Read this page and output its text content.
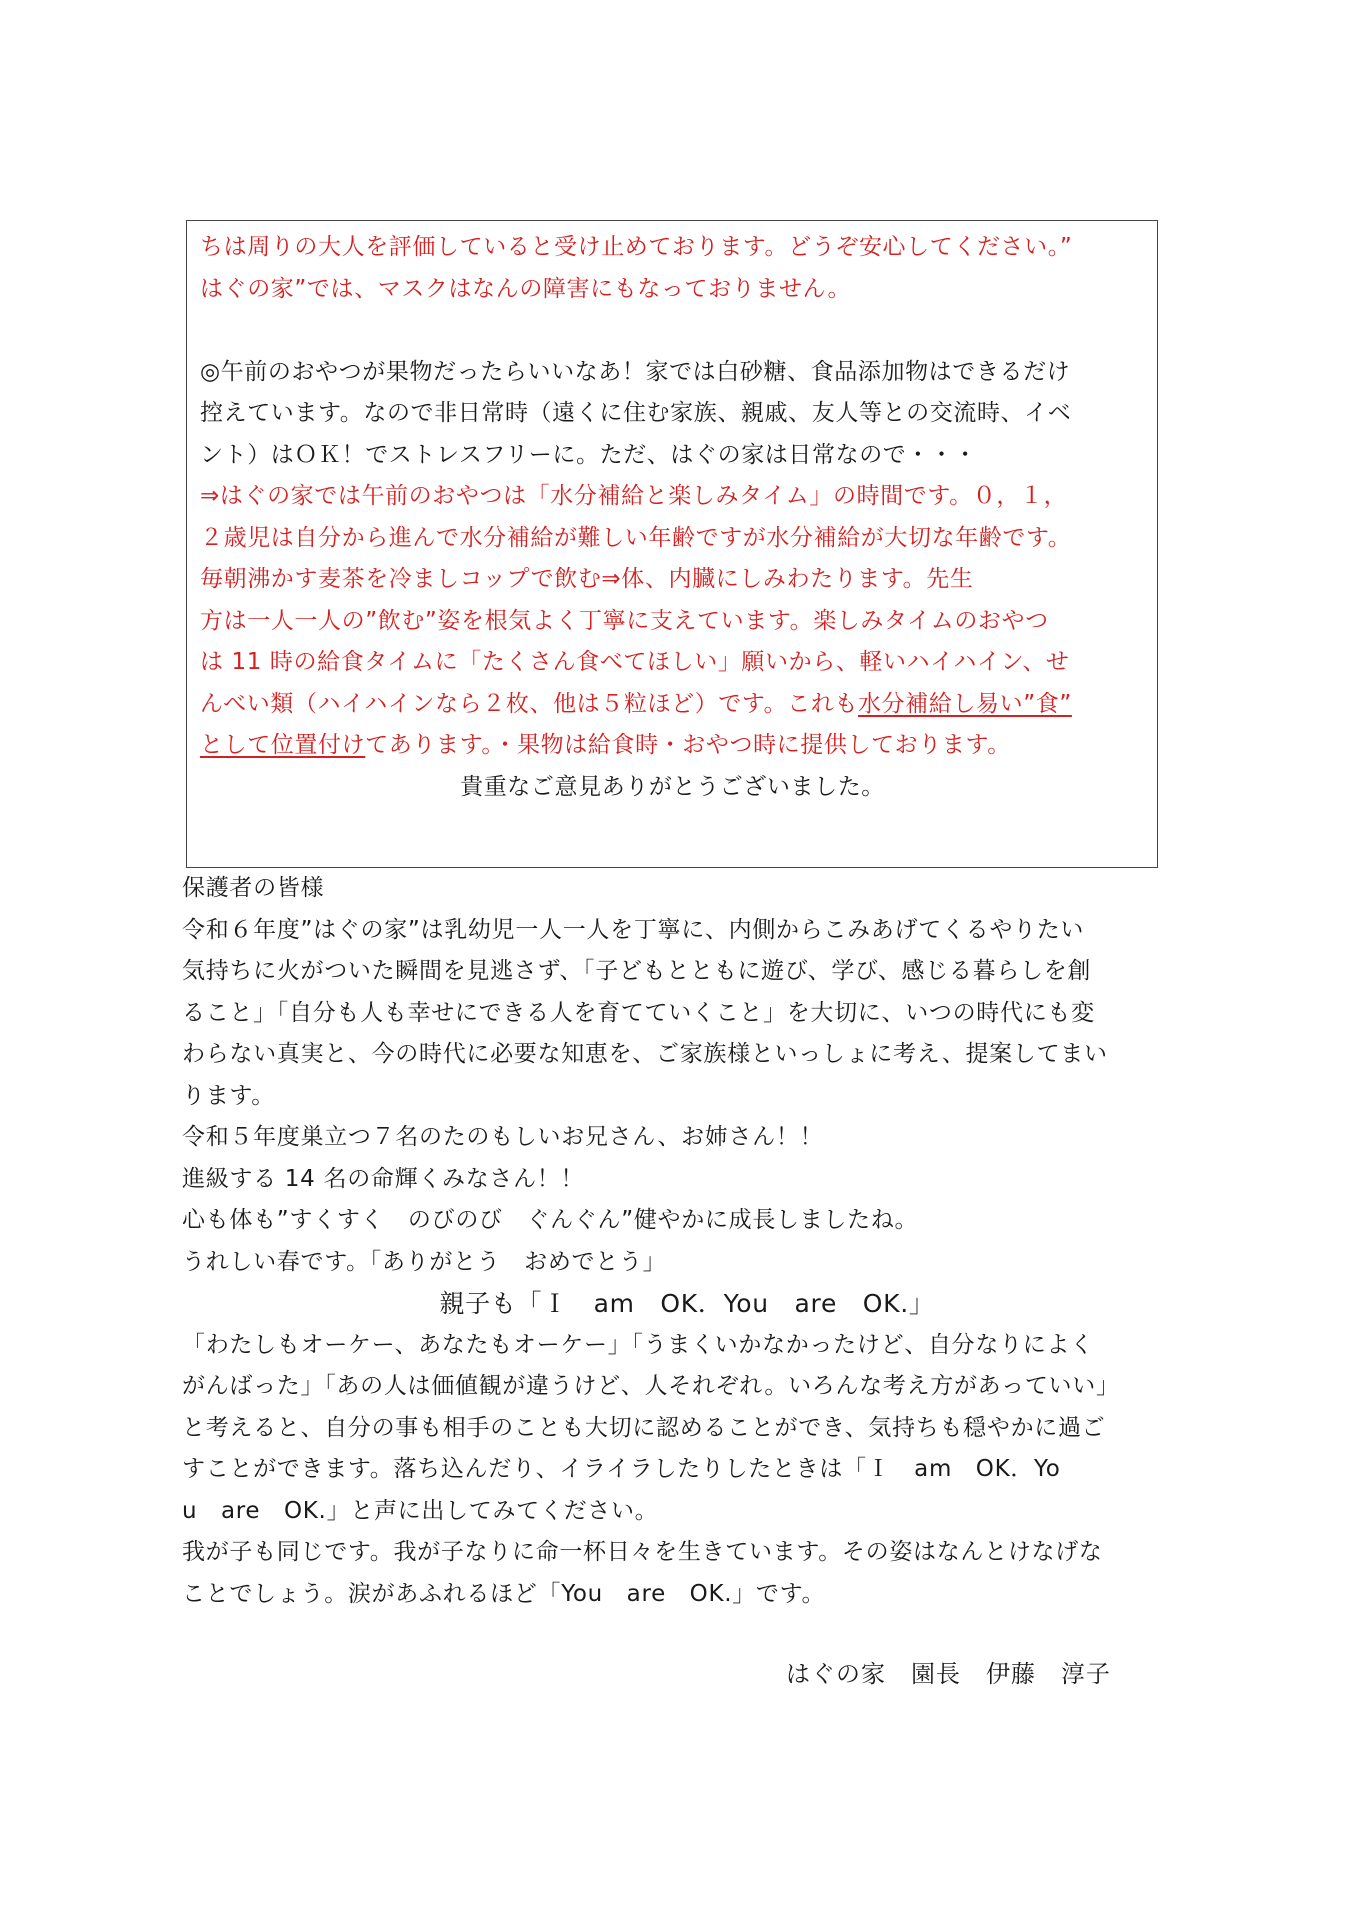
ちは周りの大人を評価していると受け止めております。どうぞ安心してください。”
はぐの家”では、マスクはなんの障害にもなっておりません。
◎午前のおやつが果物だったらいいなあ！家では白砂糖、食品添加物はできるだけ
控えています。なので非日常時（遠くに住む家族、親戚、友人等との交流時、イベ
ント）はＯＫ！でストレスフリーに。ただ、はぐの家は日常なので・・・
⇒はぐの家では午前のおやつは「水分補給と楽しみタイム」の時間です。０，１，
２歳児は自分から進んで水分補給が難しい年齢ですが水分補給が大切な年齢です。
毎朝沸かす麦茶を冷ましコップで飲む⇒体、内臓にしみわたります。先生
方は一人一人の”飲む”姿を根気よく丁寧に支えています。楽しみタイムのおやつ
は 11 時の給食タイムに「たくさん食べてほしい」願いから、軽いハイハイン、せ
んべい類（ハイハインなら２枚、他は５粒ほど）です。これも水分補給し易い”食”
として位置付けてあります。・果物は給食時・おやつ時に提供しております。
貴重なご意見ありがとうございました。
保護者の皆様
令和６年度”はぐの家”は乳幼児一人一人を丁寧に、内側からこみあげてくるやりたい
気持ちに火がついた瞬間を見逃さず、「子どもとともに遊び、学び、感じる暮らしを創
ること」「自分も人も幸せにできる人を育てていくこと」を大切に、いつの時代にも変
わらない真実と、今の時代に必要な知恵を、ご家族様といっしょに考え、提案してまい
ります。
令和５年度巣立つ７名のたのもしいお兄さん、お姉さん！！
進級する 14 名の命輝くみなさん！！
心も体も”すくすく　のびのび　ぐんぐん”健やかに成長しましたね。
うれしい春です。「ありがとう　おめでとう」
親子も「Ｉ　am　OK．You　are　OK.」
「わたしもオーケー、あなたもオーケー」「うまくいかなかったけど、自分なりによく
がんばった」「あの人は価値観が違うけど、人それぞれ。いろんな考え方があっていい」
と考えると、自分の事も相手のことも大切に認めることができ、気持ちも穏やかに過ご
すことができます。落ち込んだり、イライラしたりしたときは「Ｉ　am　OK．Yo
u　are　OK.」と声に出してみてください。
我が子も同じです。我が子なりに命一杯日々を生きています。その姿はなんとけなげな
ことでしょう。涙があふれるほど「You　are　OK.」です。
はぐの家　園長　伊藤　淳子
